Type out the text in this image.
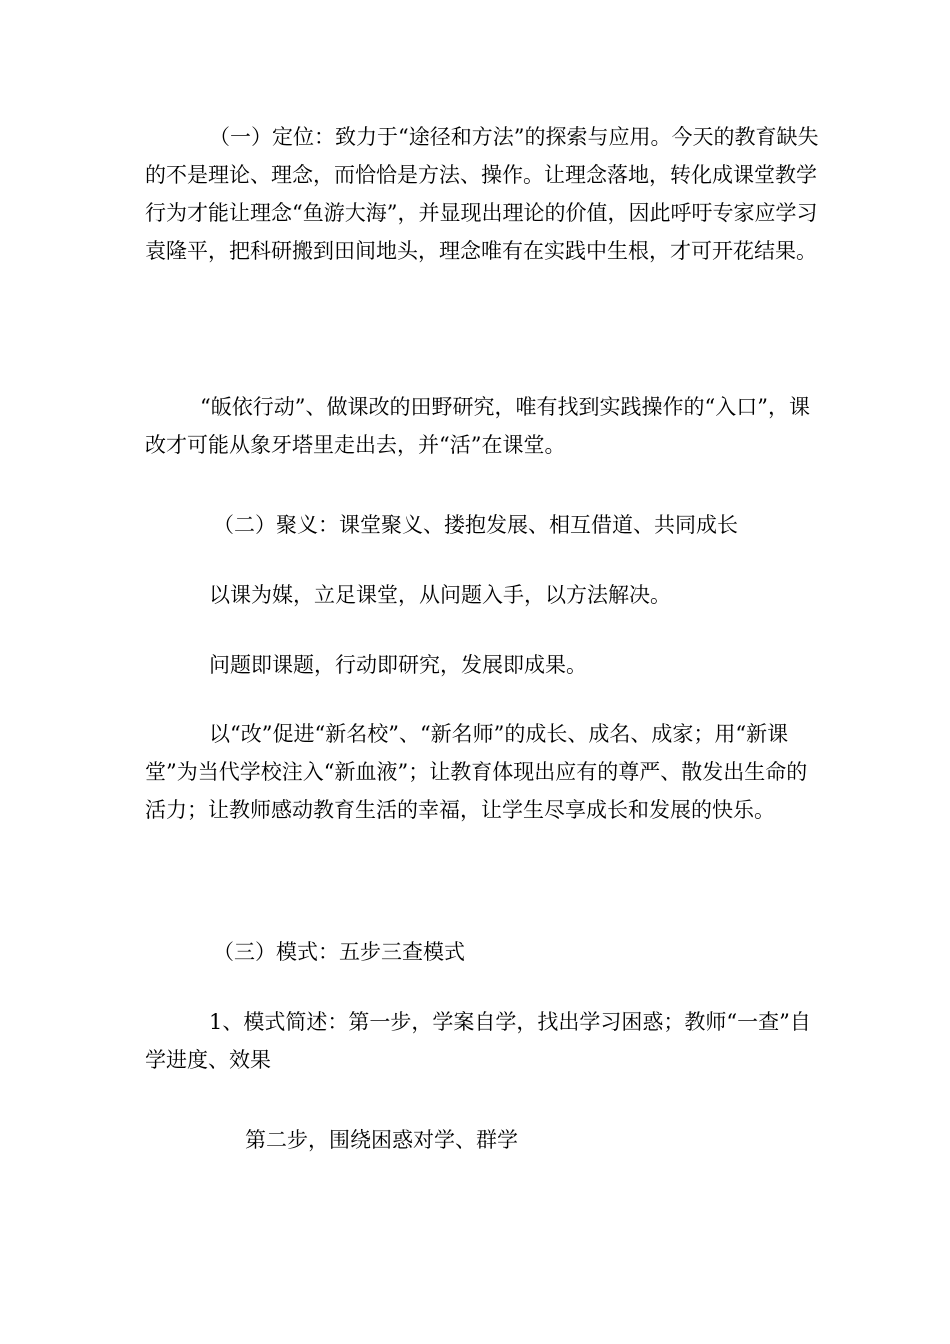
（一）定位：致力于“途径和方法”的探索与应用。今天的教育缺失的不是理论、理念，而恰恰是方法、操作。让理念落地，转化成课堂教学行为才能让理念“鱼游大海”，并显现出理论的价值，因此呼吁专家应学习袁隆平，把科研搬到田间地头，理念唯有在实践中生根，才可开花结果。

“皈依行动”、做课改的田野研究，唯有找到实践操作的“入口”，课改才可能从象牙塔里走出去，并“活”在课堂。

（二）聚义：课堂聚义、搂抱发展、相互借道、共同成长

以课为媒，立足课堂，从问题入手，以方法解决。

问题即课题，行动即研究，发展即成果。

以“改”促进“新名校”、“新名师”的成长、成名、成家；用“新课堂”为当代学校注入“新血液”；让教育体现出应有的尊严、散发出生命的活力；让教师感动教育生活的幸福，让学生尽享成长和发展的快乐。

（三）模式：五步三查模式

1、模式简述：第一步，学案自学，找出学习困惑；教师“一查”自学进度、效果

第二步，围绕困惑对学、群学
